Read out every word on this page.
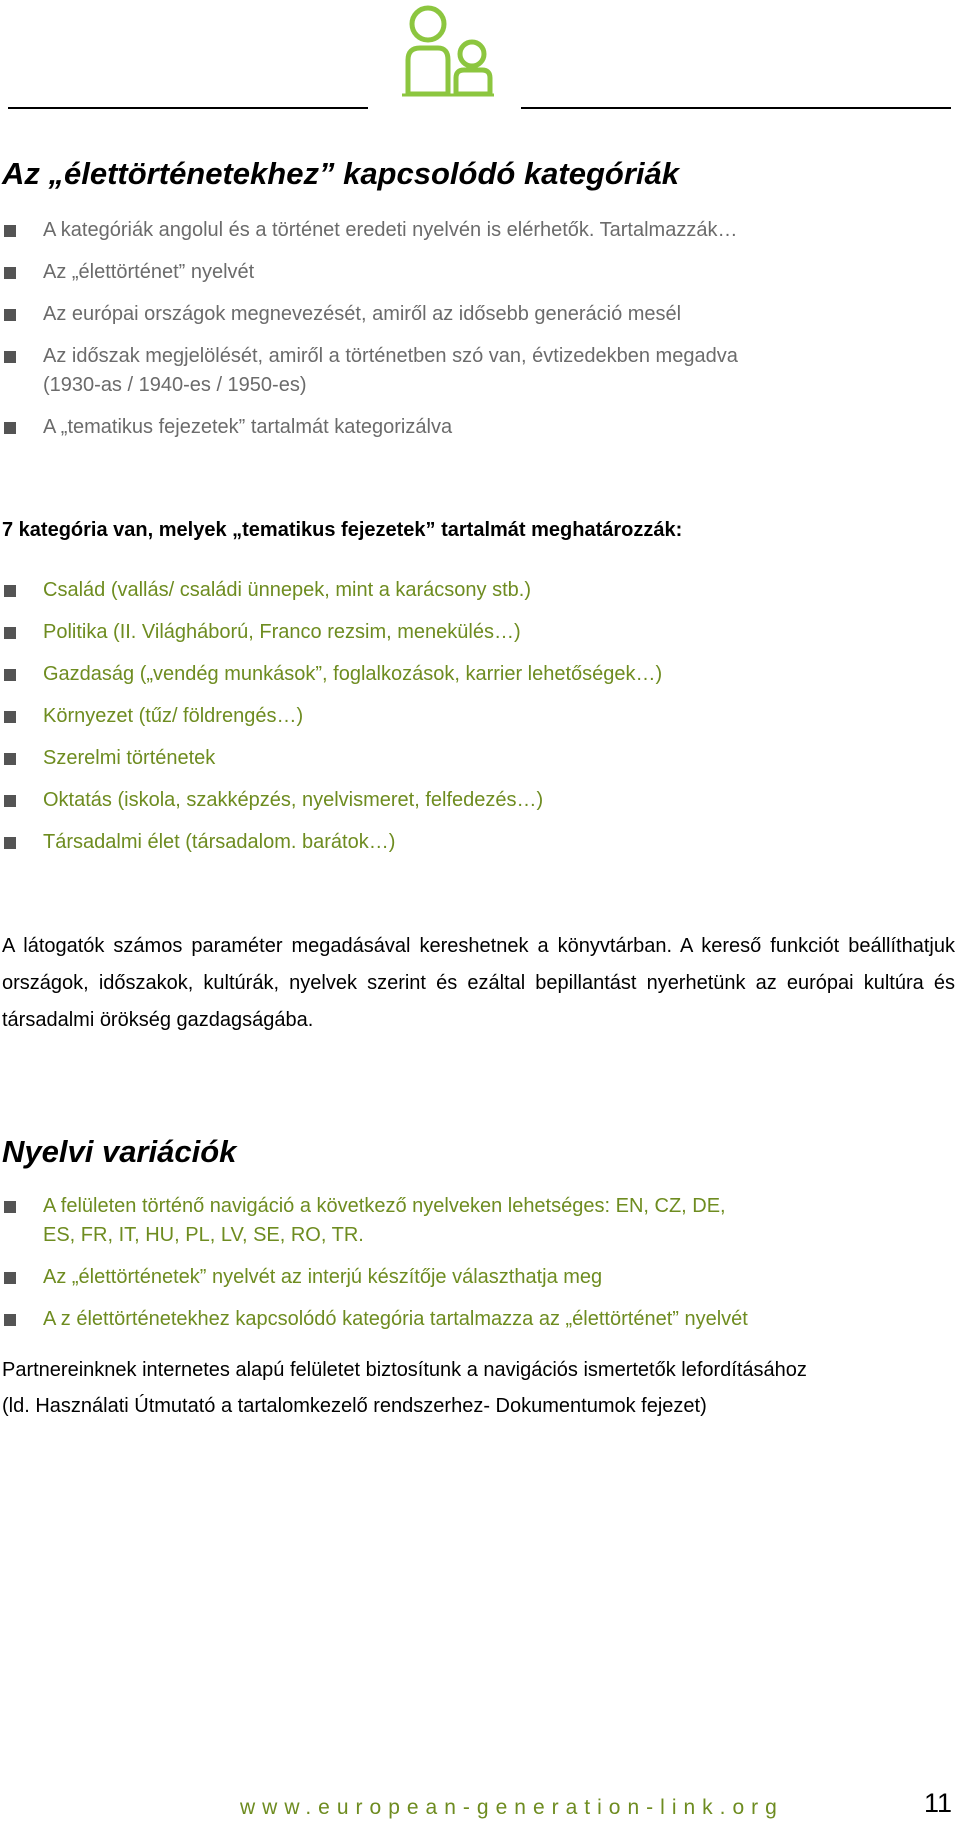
Az „élettörténetekhez” kapcsolódó kategóriák
A kategóriák angolul és a történet eredeti nyelvén is elérhetők. Tartalmazzák…
Az „élettörténet” nyelvét
Az európai országok megnevezését, amiről az idősebb generáció mesél
Az időszak megjelölését, amiről a történetben szó van, évtizedekben megadva
(1930-as / 1940-es / 1950-es)
A „tematikus fejezetek” tartalmát kategorizálva

7 kategória van, melyek „tematikus fejezetek” tartalmát meghatározzák:

Család (vallás/ családi ünnepek, mint a karácsony stb.)
Politika (II. Világháború, Franco rezsim, menekülés…)
Gazdaság („vendég munkások”, foglalkozások, karrier lehetőségek…)
Környezet (tűz/ földrengés…)
Szerelmi történetek
Oktatás (iskola, szakképzés, nyelvismeret, felfedezés…)
Társadalmi élet (társadalom. barátok…)

A látogatók számos paraméter megadásával kereshetnek a könyvtárban. A kereső funkciót beállíthatjuk országok, időszakok, kultúrák, nyelvek szerint és ezáltal bepillantást nyerhetünk az európai kultúra és társadalmi örökség gazdagságába.

Nyelvi variációk
A felületen történő navigáció a következő nyelveken lehetséges: EN, CZ, DE,
ES, FR, IT, HU, PL, LV, SE, RO, TR.
Az „élettörténetek” nyelvét az interjú készítője választhatja meg
A z élettörténetekhez kapcsolódó kategória tartalmazza az „élettörténet” nyelvét

Partnereinknek internetes alapú felületet biztosítunk a navigációs ismertetők lefordításához
(ld. Használati Útmutató a tartalomkezelő rendszerhez- Dokumentumok fejezet)

www.european-generation-link.org	11
